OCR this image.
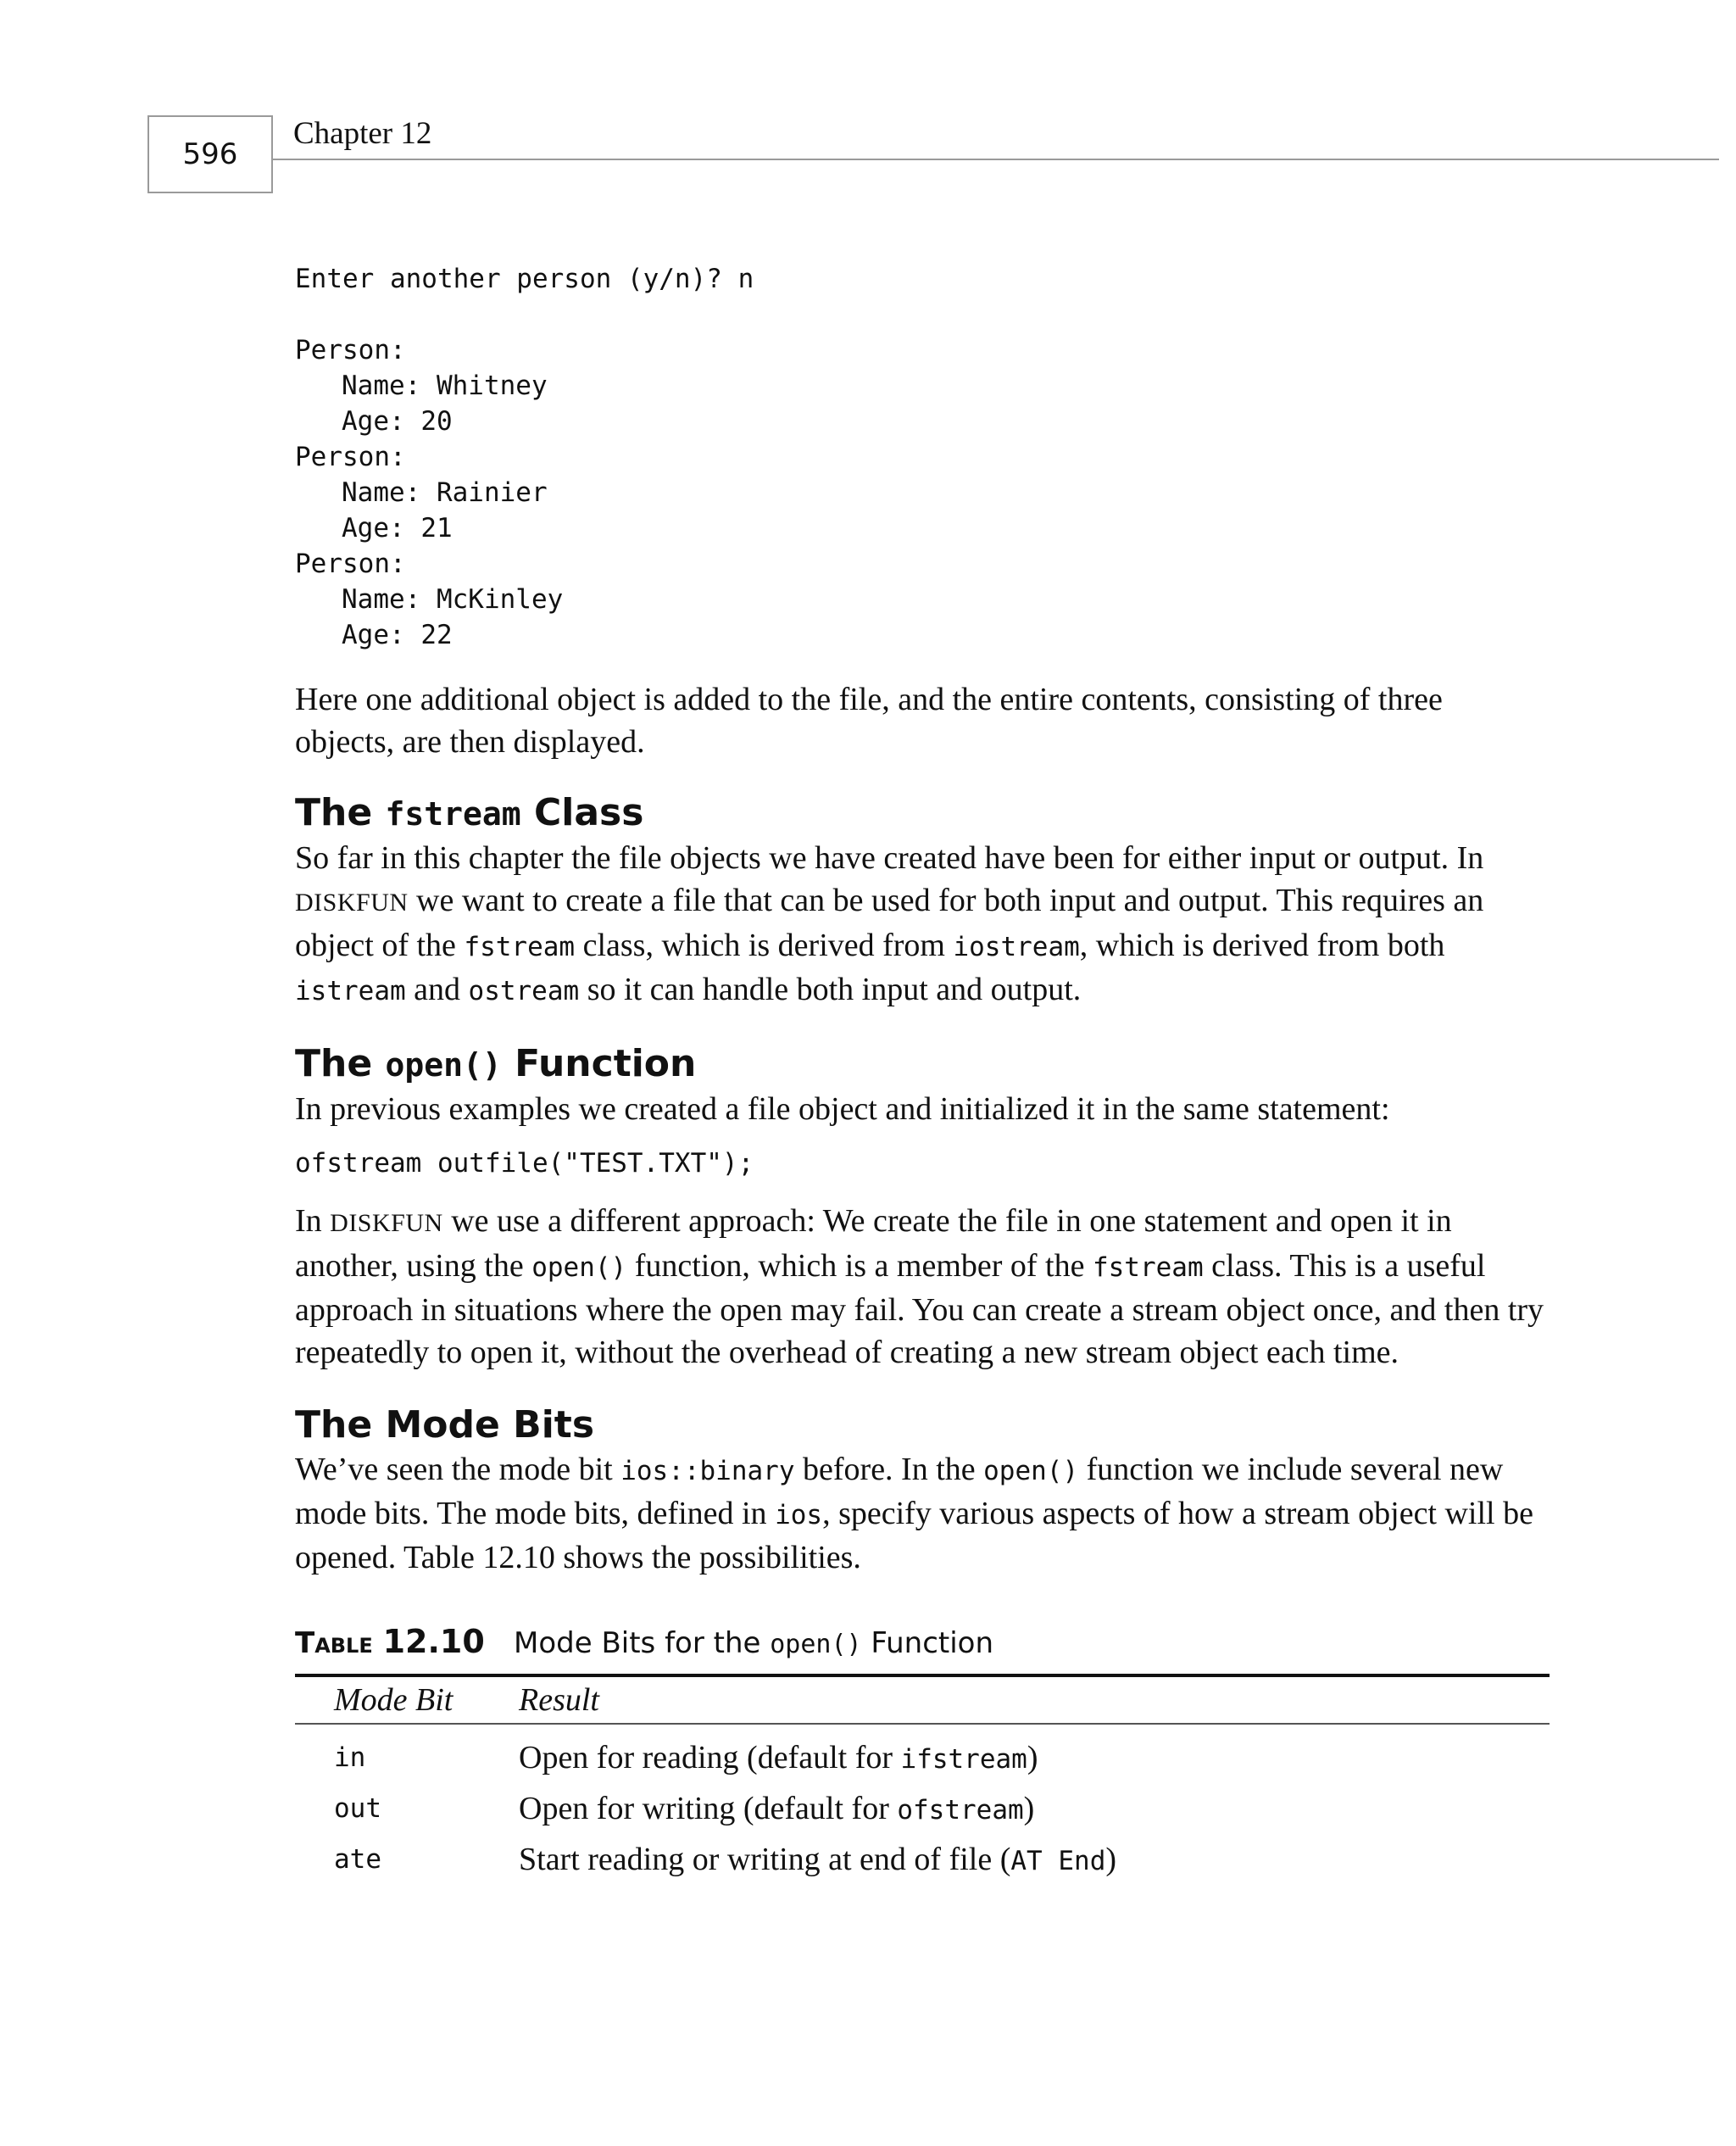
596
Chapter 12
Enter another person (y/n)? n
Person:
Name: Whitney
Age: 20
Person:
Name: Rainier
Age: 21
Person:
Name: McKinley
Age: 22

Here one additional object is added to the file, and the entire contents, consisting of three objects, are then displayed.

The fstream Class

So far in this chapter the file objects we have created have been for either input or output. In DISKFUN we want to create a file that can be used for both input and output. This requires an object of the fstream class, which is derived from iostream, which is derived from both istream and ostream so it can handle both input and output.

The open() Function

In previous examples we created a file object and initialized it in the same statement:

ofstream outfile("TEST.TXT");

In DISKFUN we use a different approach: We create the file in one statement and open it in another, using the open() function, which is a member of the fstream class. This is a useful approach in situations where the open may fail. You can create a stream object once, and then try repeatedly to open it, without the overhead of creating a new stream object each time.

The Mode Bits

We’ve seen the mode bit ios::binary before. In the open() function we include several new mode bits. The mode bits, defined in ios, specify various aspects of how a stream object will be opened. Table 12.10 shows the possibilities.

Table 12.10	Mode Bits for the open() Function
Mode Bit	Result
in	Open for reading (default for ifstream)
out	Open for writing (default for ofstream)
ate	Start reading or writing at end of file (AT End)
